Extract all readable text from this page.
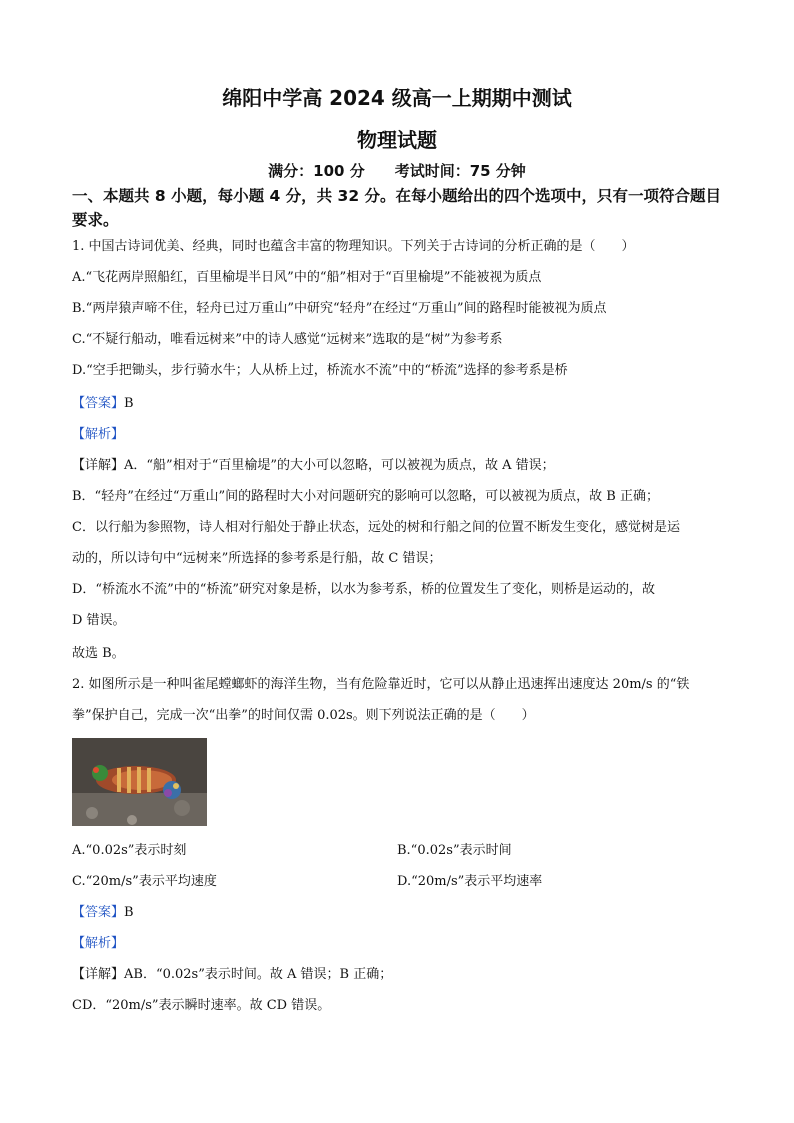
绵阳中学高 2024 级高一上期期中测试
物理试题
满分：100 分　　考试时间：75 分钟
一、本题共 8 小题，每小题 4 分，共 32 分。在每小题给出的四个选项中，只有一项符合题目要求。
1. 中国古诗词优美、经典，同时也蕴含丰富的物理知识。下列关于古诗词的分析正确的是（　　）
A.“飞花两岸照船红，百里榆堤半日风”中的“船”相对于“百里榆堤”不能被视为质点
B.“两岸猿声啼不住，轻舟已过万重山”中研究“轻舟”在经过“万重山”间的路程时能被视为质点
C.“不疑行船动，唯看远树来”中的诗人感觉“远树来”选取的是“树”为参考系
D.“空手把锄头，步行骑水牛；人从桥上过，桥流水不流”中的“桥流”选择的参考系是桥
【答案】B
【解析】
【详解】A．“船”相对于“百里榆堤”的大小可以忽略，可以被视为质点，故 A 错误；
B．“轻舟”在经过“万重山”间的路程时大小对问题研究的影响可以忽略，可以被视为质点，故 B 正确；
C．以行船为参照物，诗人相对行船处于静止状态，远处的树和行船之间的位置不断发生变化，感觉树是运
动的，所以诗句中“远树来”所选择的参考系是行船，故 C 错误；
D．“桥流水不流”中的“桥流”研究对象是桥，以水为参考系，桥的位置发生了变化，则桥是运动的，故
D 错误。
故选 B。
2. 如图所示是一种叫雀尾螳螂虾的海洋生物，当有危险靠近时，它可以从静止迅速挥出速度达 20m/s 的“铁
拳”保护自己，完成一次“出拳”的时间仅需 0.02s。则下列说法正确的是（　　）
A.“0.02s”表示时刻	B.“0.02s”表示时间
C.“20m/s”表示平均速度	D.“20m/s”表示平均速率
【答案】B
【解析】
【详解】AB．“0.02s”表示时间。故 A 错误；B 正确；
CD．“20m/s”表示瞬时速率。故 CD 错误。
